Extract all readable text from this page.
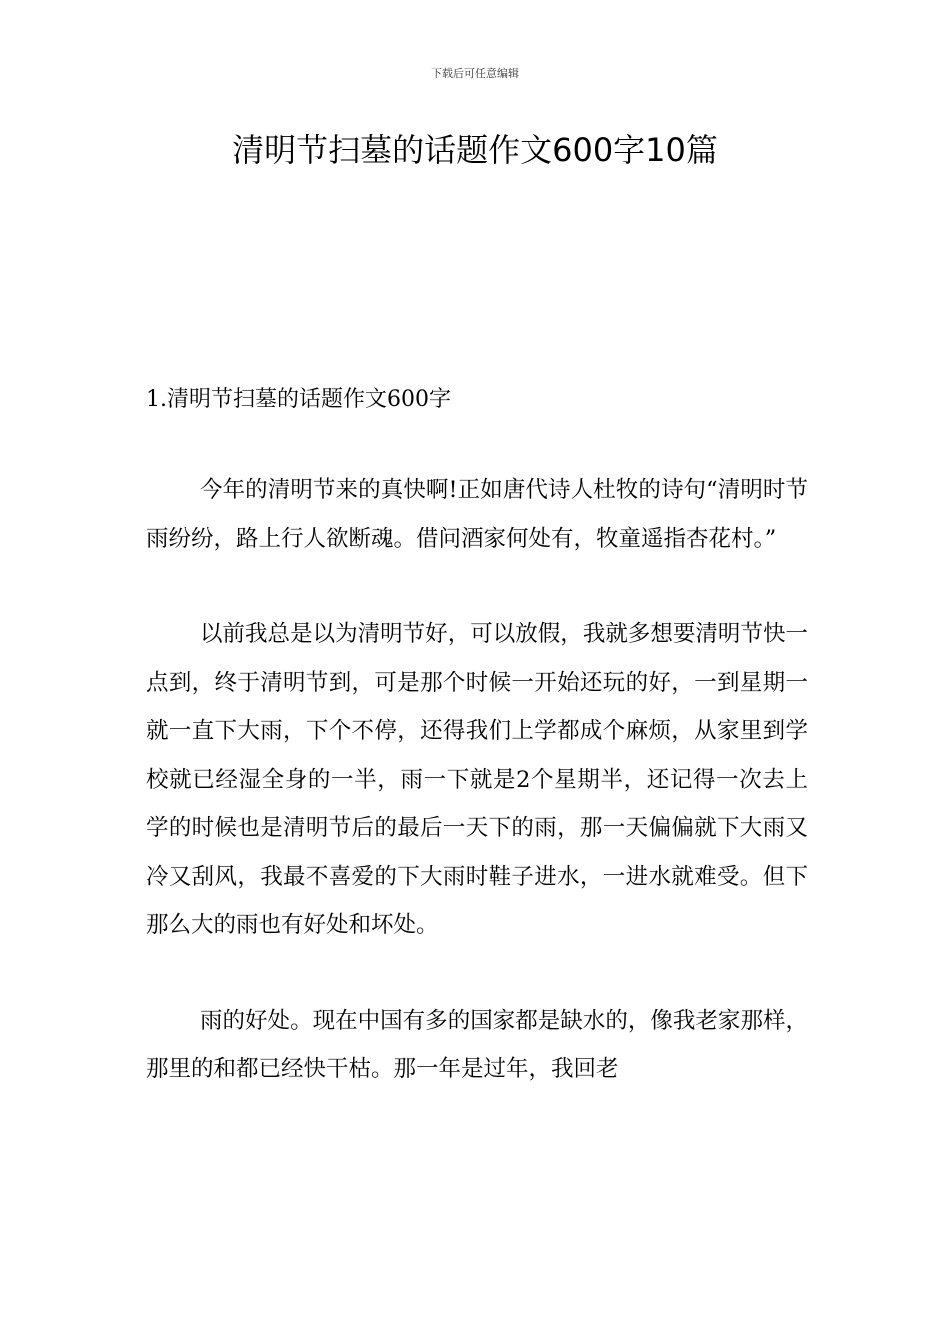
下载后可任意编辑
清明节扫墓的话题作文600字10篇
1.清明节扫墓的话题作文600字

今年的清明节来的真快啊!正如唐代诗人杜牧的诗句“清明时节雨纷纷，路上行人欲断魂。借问酒家何处有，牧童遥指杏花村。”

以前我总是以为清明节好，可以放假，我就多想要清明节快一点到，终于清明节到，可是那个时候一开始还玩的好，一到星期一就一直下大雨，下个不停，还得我们上学都成个麻烦，从家里到学校就已经湿全身的一半，雨一下就是2个星期半，还记得一次去上学的时候也是清明节后的最后一天下的雨，那一天偏偏就下大雨又冷又刮风，我最不喜爱的下大雨时鞋子进水，一进水就难受。但下那么大的雨也有好处和坏处。

雨的好处。现在中国有多的国家都是缺水的，像我老家那样，那里的和都已经快干枯。那一年是过年，我回老
